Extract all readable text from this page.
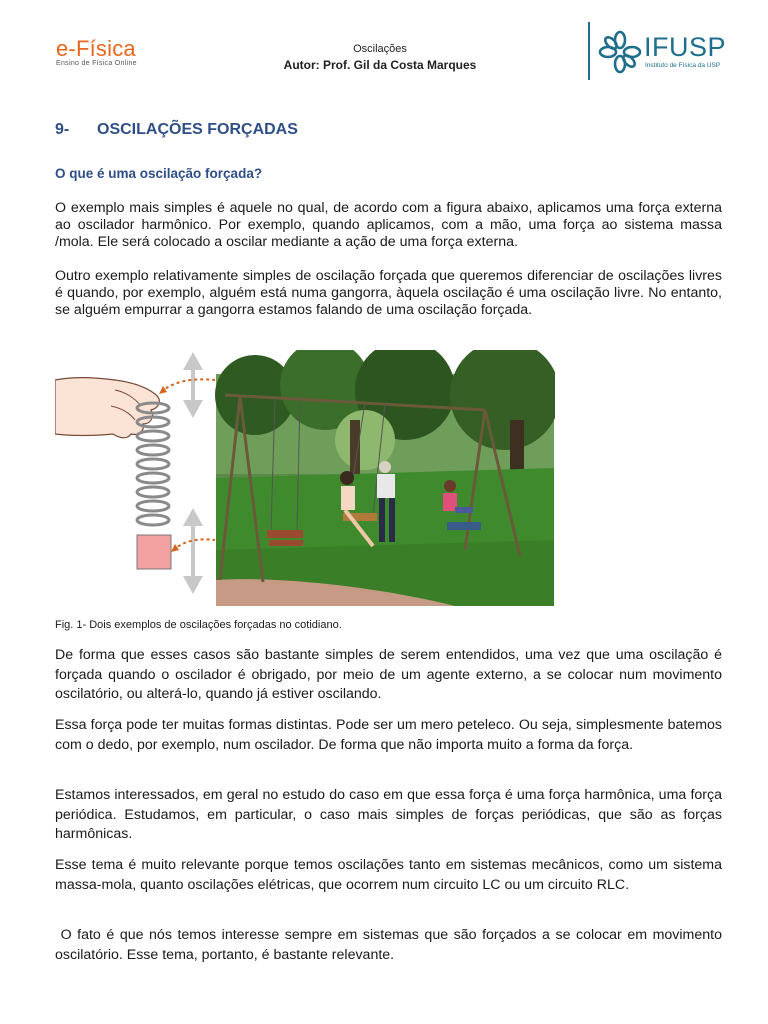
e-Física
Ensino de Física Online
Oscilações
Autor: Prof. Gil da Costa Marques
IFUSP
Instituto de Física da USP
9- OSCILAÇÕES FORÇADAS
O que é uma oscilação forçada?
O exemplo mais simples é aquele no qual, de acordo com a figura abaixo, aplicamos uma força externa ao oscilador harmônico. Por exemplo, quando aplicamos, com a mão, uma força ao sistema massa /mola. Ele será colocado a oscilar mediante a ação de uma força externa.
Outro exemplo relativamente simples de oscilação forçada que queremos diferenciar de oscilações livres é quando, por exemplo, alguém está numa gangorra, àquela oscilação é uma oscilação livre. No entanto, se alguém empurrar a gangorra estamos falando de uma oscilação forçada.
Fig. 1- Dois exemplos de oscilações forçadas no cotidiano.
De forma que esses casos são bastante simples de serem entendidos, uma vez que uma oscilação é forçada quando o oscilador é obrigado, por meio de um agente externo, a se colocar num movimento oscilatório, ou alterá-lo, quando já estiver oscilando.
Essa força pode ter muitas formas distintas. Pode ser um mero peteleco. Ou seja, simplesmente batemos com o dedo, por exemplo, num oscilador. De forma que não importa muito a forma da força.
Estamos interessados, em geral no estudo do caso em que essa força é uma força harmônica, uma força periódica. Estudamos, em particular, o caso mais simples de forças periódicas, que são as forças harmônicas.
Esse tema é muito relevante porque temos oscilações tanto em sistemas mecânicos, como um sistema massa-mola, quanto oscilações elétricas, que ocorrem num circuito LC ou um circuito RLC.
O fato é que nós temos interesse sempre em sistemas que são forçados a se colocar em movimento oscilatório. Esse tema, portanto, é bastante relevante.
